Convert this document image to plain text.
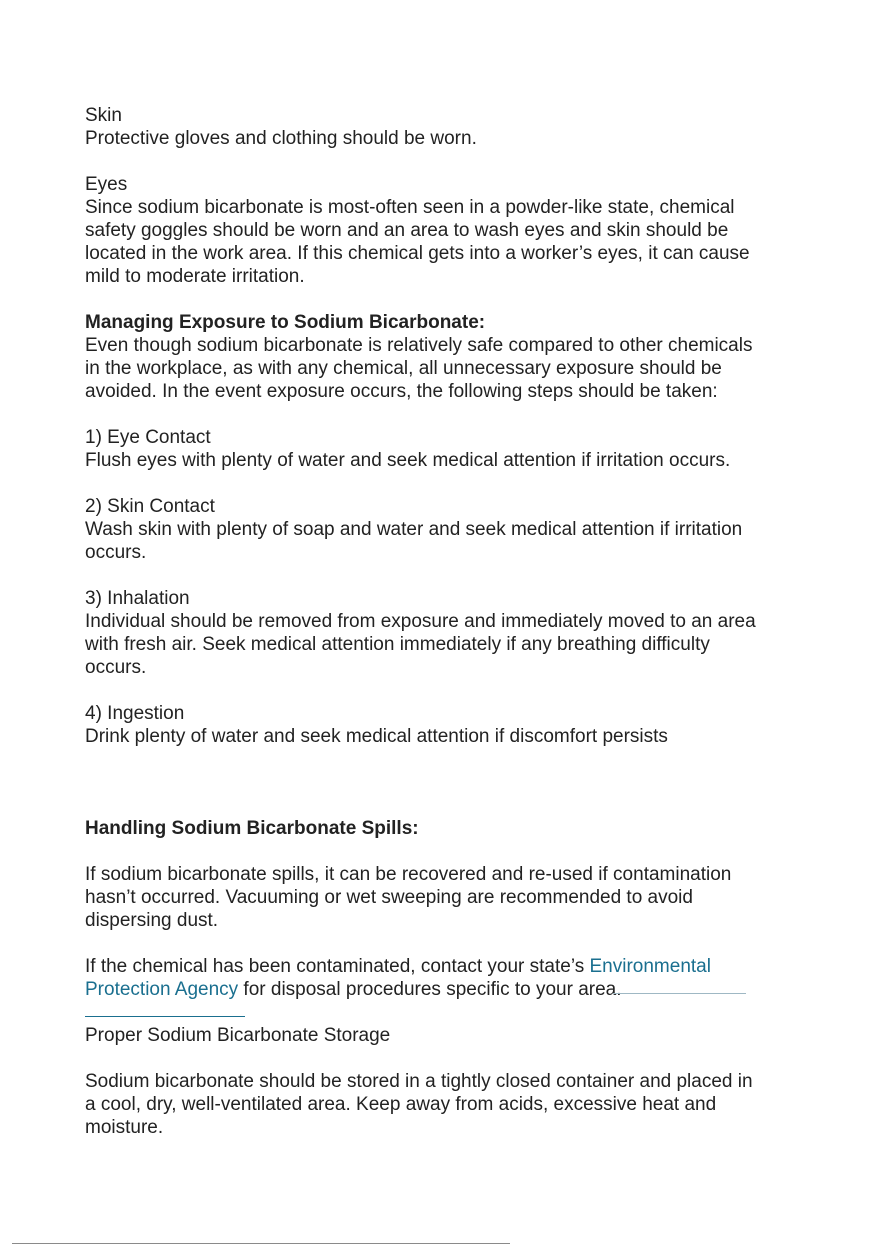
Skin
Protective gloves and clothing should be worn.
Eyes
Since sodium bicarbonate is most-often seen in a powder-like state, chemical
safety goggles should be worn and an area to wash eyes and skin should be
located in the work area. If this chemical gets into a worker’s eyes, it can cause
mild to moderate irritation.
Managing Exposure to Sodium Bicarbonate:
Even though sodium bicarbonate is relatively safe compared to other chemicals
in the workplace, as with any chemical, all unnecessary exposure should be
avoided. In the event exposure occurs, the following steps should be taken:
1) Eye Contact
Flush eyes with plenty of water and seek medical attention if irritation occurs.
2) Skin Contact
Wash skin with plenty of soap and water and seek medical attention if irritation
occurs.
3) Inhalation
Individual should be removed from exposure and immediately moved to an area
with fresh air. Seek medical attention immediately if any breathing difficulty
occurs.
4) Ingestion
Drink plenty of water and seek medical attention if discomfort persists
Handling Sodium Bicarbonate Spills:
If sodium bicarbonate spills, it can be recovered and re-used if contamination
hasn’t occurred. Vacuuming or wet sweeping are recommended to avoid
dispersing dust.
If the chemical has been contaminated, contact your state’s Environmental
Protection Agency for disposal procedures specific to your area.
Proper Sodium Bicarbonate Storage
Sodium bicarbonate should be stored in a tightly closed container and placed in
a cool, dry, well-ventilated area. Keep away from acids, excessive heat and
moisture.
